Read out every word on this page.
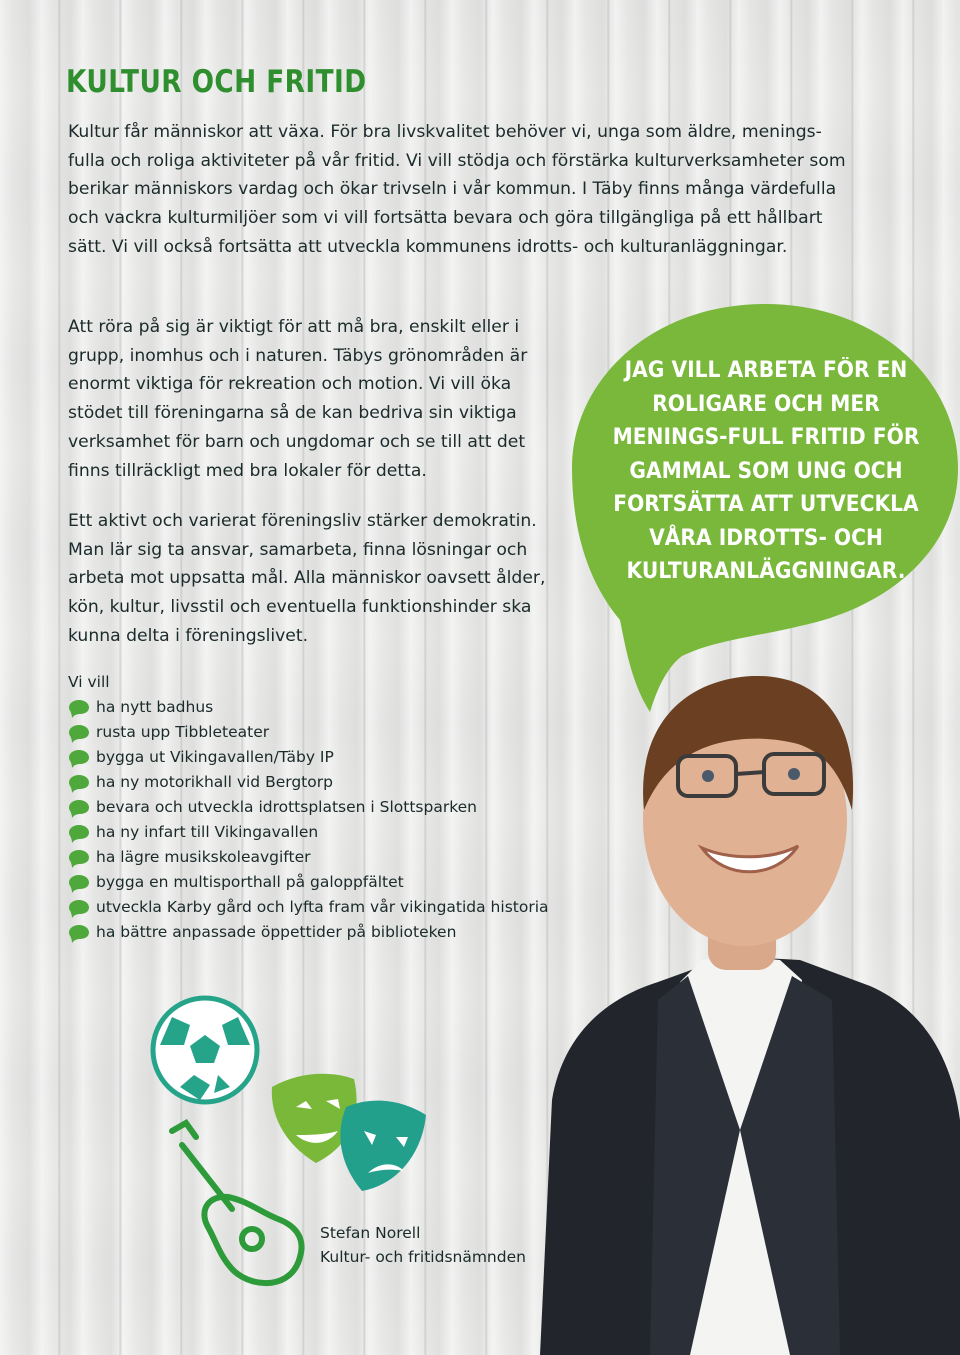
KULTUR OCH FRITID

Kultur får människor att växa. För bra livskvalitet behöver vi, unga som äldre, menings-fulla och roliga aktiviteter på vår fritid. Vi vill stödja och förstärka kulturverksamheter som berikar människors vardag och ökar trivseln i vår kommun. I Täby finns många värdefulla och vackra kulturmiljöer som vi vill fortsätta bevara och göra tillgängliga på ett hållbart sätt. Vi vill också fortsätta att utveckla kommunens idrotts- och kulturanläggningar.

Att röra på sig är viktigt för att må bra, enskilt eller i grupp, inomhus och i naturen. Täbys grönområden är enormt viktiga för rekreation och motion. Vi vill öka stödet till föreningarna så de kan bedriva sin viktiga verksamhet för barn och ungdomar och se till att det finns tillräckligt med bra lokaler för detta.

Ett aktivt och varierat föreningsliv stärker demokratin. Man lär sig ta ansvar, samarbeta, finna lösningar och arbeta mot uppsatta mål. Alla människor oavsett ålder, kön, kultur, livsstil och eventuella funktionshinder ska kunna delta i föreningslivet.

JAG VILL ARBETA FÖR EN ROLIGARE OCH MER MENINGS-FULL FRITID FÖR GAMMAL SOM UNG OCH FORTSÄTTA ATT UTVECKLA VÅRA IDROTTS- OCH KULTURANLÄGGNINGAR.

Vi vill
ha nytt badhus
rusta upp Tibbleteater
bygga ut Vikingavallen/Täby IP
ha ny motorikhall vid Bergtorp
bevara och utveckla idrottsplatsen i Slottsparken
ha ny infart till Vikingavallen
ha lägre musikskoleavgifter
bygga en multisporthall på galoppfältet
utveckla Karby gård och lyfta fram vår vikingatida historia
ha bättre anpassade öppettider på biblioteken
Stefan Norell
Kultur- och fritidsnämnden
